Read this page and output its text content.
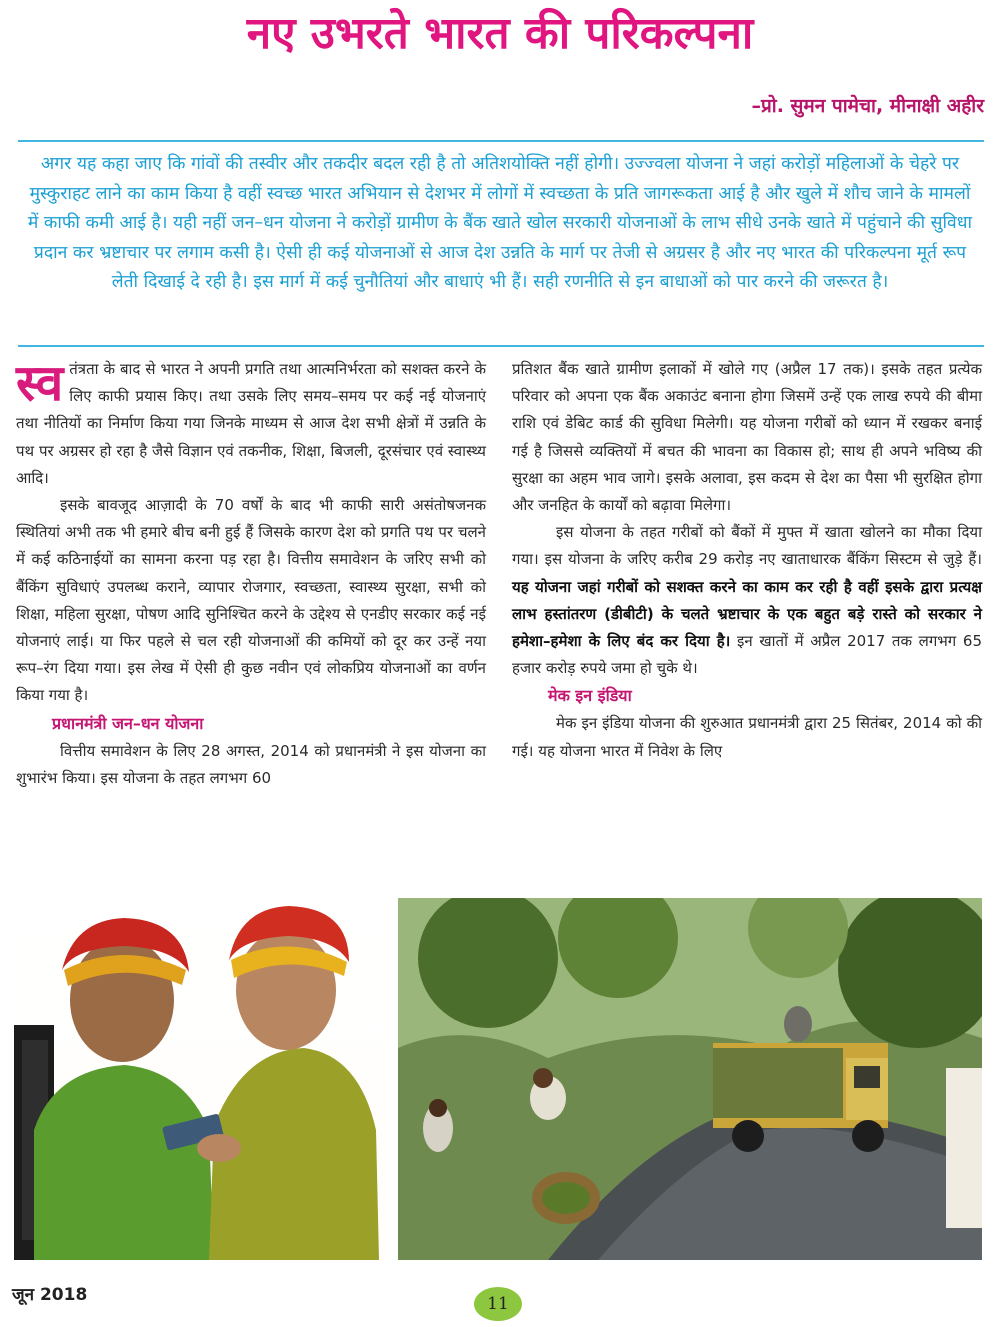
नए उभरते भारत की परिकल्पना
–प्रो. सुमन पामेचा, मीनाक्षी अहीर
अगर यह कहा जाए कि गांवों की तस्वीर और तकदीर बदल रही है तो अतिशयोक्ति नहीं होगी। उज्ज्वला योजना ने जहां करोड़ों महिलाओं के चेहरे पर मुस्कुराहट लाने का काम किया है वहीं स्वच्छ भारत अभियान से देशभर में लोगों में स्वच्छता के प्रति जागरूकता आई है और खुले में शौच जाने के मामलों में काफी कमी आई है। यही नहीं जन–धन योजना ने करोड़ों ग्रामीण के बैंक खाते खोल सरकारी योजनाओं के लाभ सीधे उनके खाते में पहुंचाने की सुविधा प्रदान कर भ्रष्टाचार पर लगाम कसी है। ऐसी ही कई योजनाओं से आज देश उन्नति के मार्ग पर तेजी से अग्रसर है और नए भारत की परिकल्पना मूर्त रूप लेती दिखाई दे रही है। इस मार्ग में कई चुनौतियां और बाधाएं भी हैं। सही रणनीति से इन बाधाओं को पार करने की जरूरत है।

स्व तंत्रता के बाद से भारत ने अपनी प्रगति तथा आत्मनिर्भरता को सशक्त करने के लिए काफी प्रयास किए। तथा उसके लिए समय–समय पर कई नई योजनाएं तथा नीतियों का निर्माण किया गया जिनके माध्यम से आज देश सभी क्षेत्रों में उन्नति के पथ पर अग्रसर हो रहा है जैसे विज्ञान एवं तकनीक, शिक्षा, बिजली, दूरसंचार एवं स्वास्थ्य आदि।

इसके बावजूद आज़ादी के 70 वर्षों के बाद भी काफी सारी असंतोषजनक स्थितियां अभी तक भी हमारे बीच बनी हुई हैं जिसके कारण देश को प्रगति पथ पर चलने में कई कठिनाईयों का सामना करना पड़ रहा है। वित्तीय समावेशन के जरिए सभी को बैंकिंग सुविधाएं उपलब्ध कराने, व्यापार रोजगार, स्वच्छता, स्वास्थ्य सुरक्षा, सभी को शिक्षा, महिला सुरक्षा, पोषण आदि सुनिश्चित करने के उद्देश्य से एनडीए सरकार कई नई योजनाएं लाई। या फिर पहले से चल रही योजनाओं की कमियों को दूर कर उन्हें नया रूप–रंग दिया गया। इस लेख में ऐसी ही कुछ नवीन एवं लोकप्रिय योजनाओं का वर्णन किया गया है।

प्रधानमंत्री जन–धन योजना

वित्तीय समावेशन के लिए 28 अगस्त, 2014 को प्रधानमंत्री ने इस योजना का शुभारंभ किया। इस योजना के तहत लगभग 60

प्रतिशत बैंक खाते ग्रामीण इलाकों में खोले गए (अप्रैल 17 तक)। इसके तहत प्रत्येक परिवार को अपना एक बैंक अकाउंट बनाना होगा जिसमें उन्हें एक लाख रुपये की बीमा राशि एवं डेबिट कार्ड की सुविधा मिलेगी। यह योजना गरीबों को ध्यान में रखकर बनाई गई है जिससे व्यक्तियों में बचत की भावना का विकास हो; साथ ही अपने भविष्य की सुरक्षा का अहम भाव जागे। इसके अलावा, इस कदम से देश का पैसा भी सुरक्षित होगा और जनहित के कार्यों को बढ़ावा मिलेगा।

इस योजना के तहत गरीबों को बैंकों में मुफ्त में खाता खोलने का मौका दिया गया। इस योजना के जरिए करीब 29 करोड़ नए खाताधारक बैंकिंग सिस्टम से जुड़े हैं। यह योजना जहां गरीबों को सशक्त करने का काम कर रही है वहीं इसके द्वारा प्रत्यक्ष लाभ हस्तांतरण (डीबीटी) के चलते भ्रष्टाचार के एक बहुत बड़े रास्ते को सरकार ने हमेशा–हमेशा के लिए बंद कर दिया है। इन खातों में अप्रैल 2017 तक लगभग 65 हजार करोड़ रुपये जमा हो चुके थे।

मेक इन इंडिया

मेक इन इंडिया योजना की शुरुआत प्रधानमंत्री द्वारा 25 सितंबर, 2014 को की गई। यह योजना भारत में निवेश के लिए

जून 2018	11
